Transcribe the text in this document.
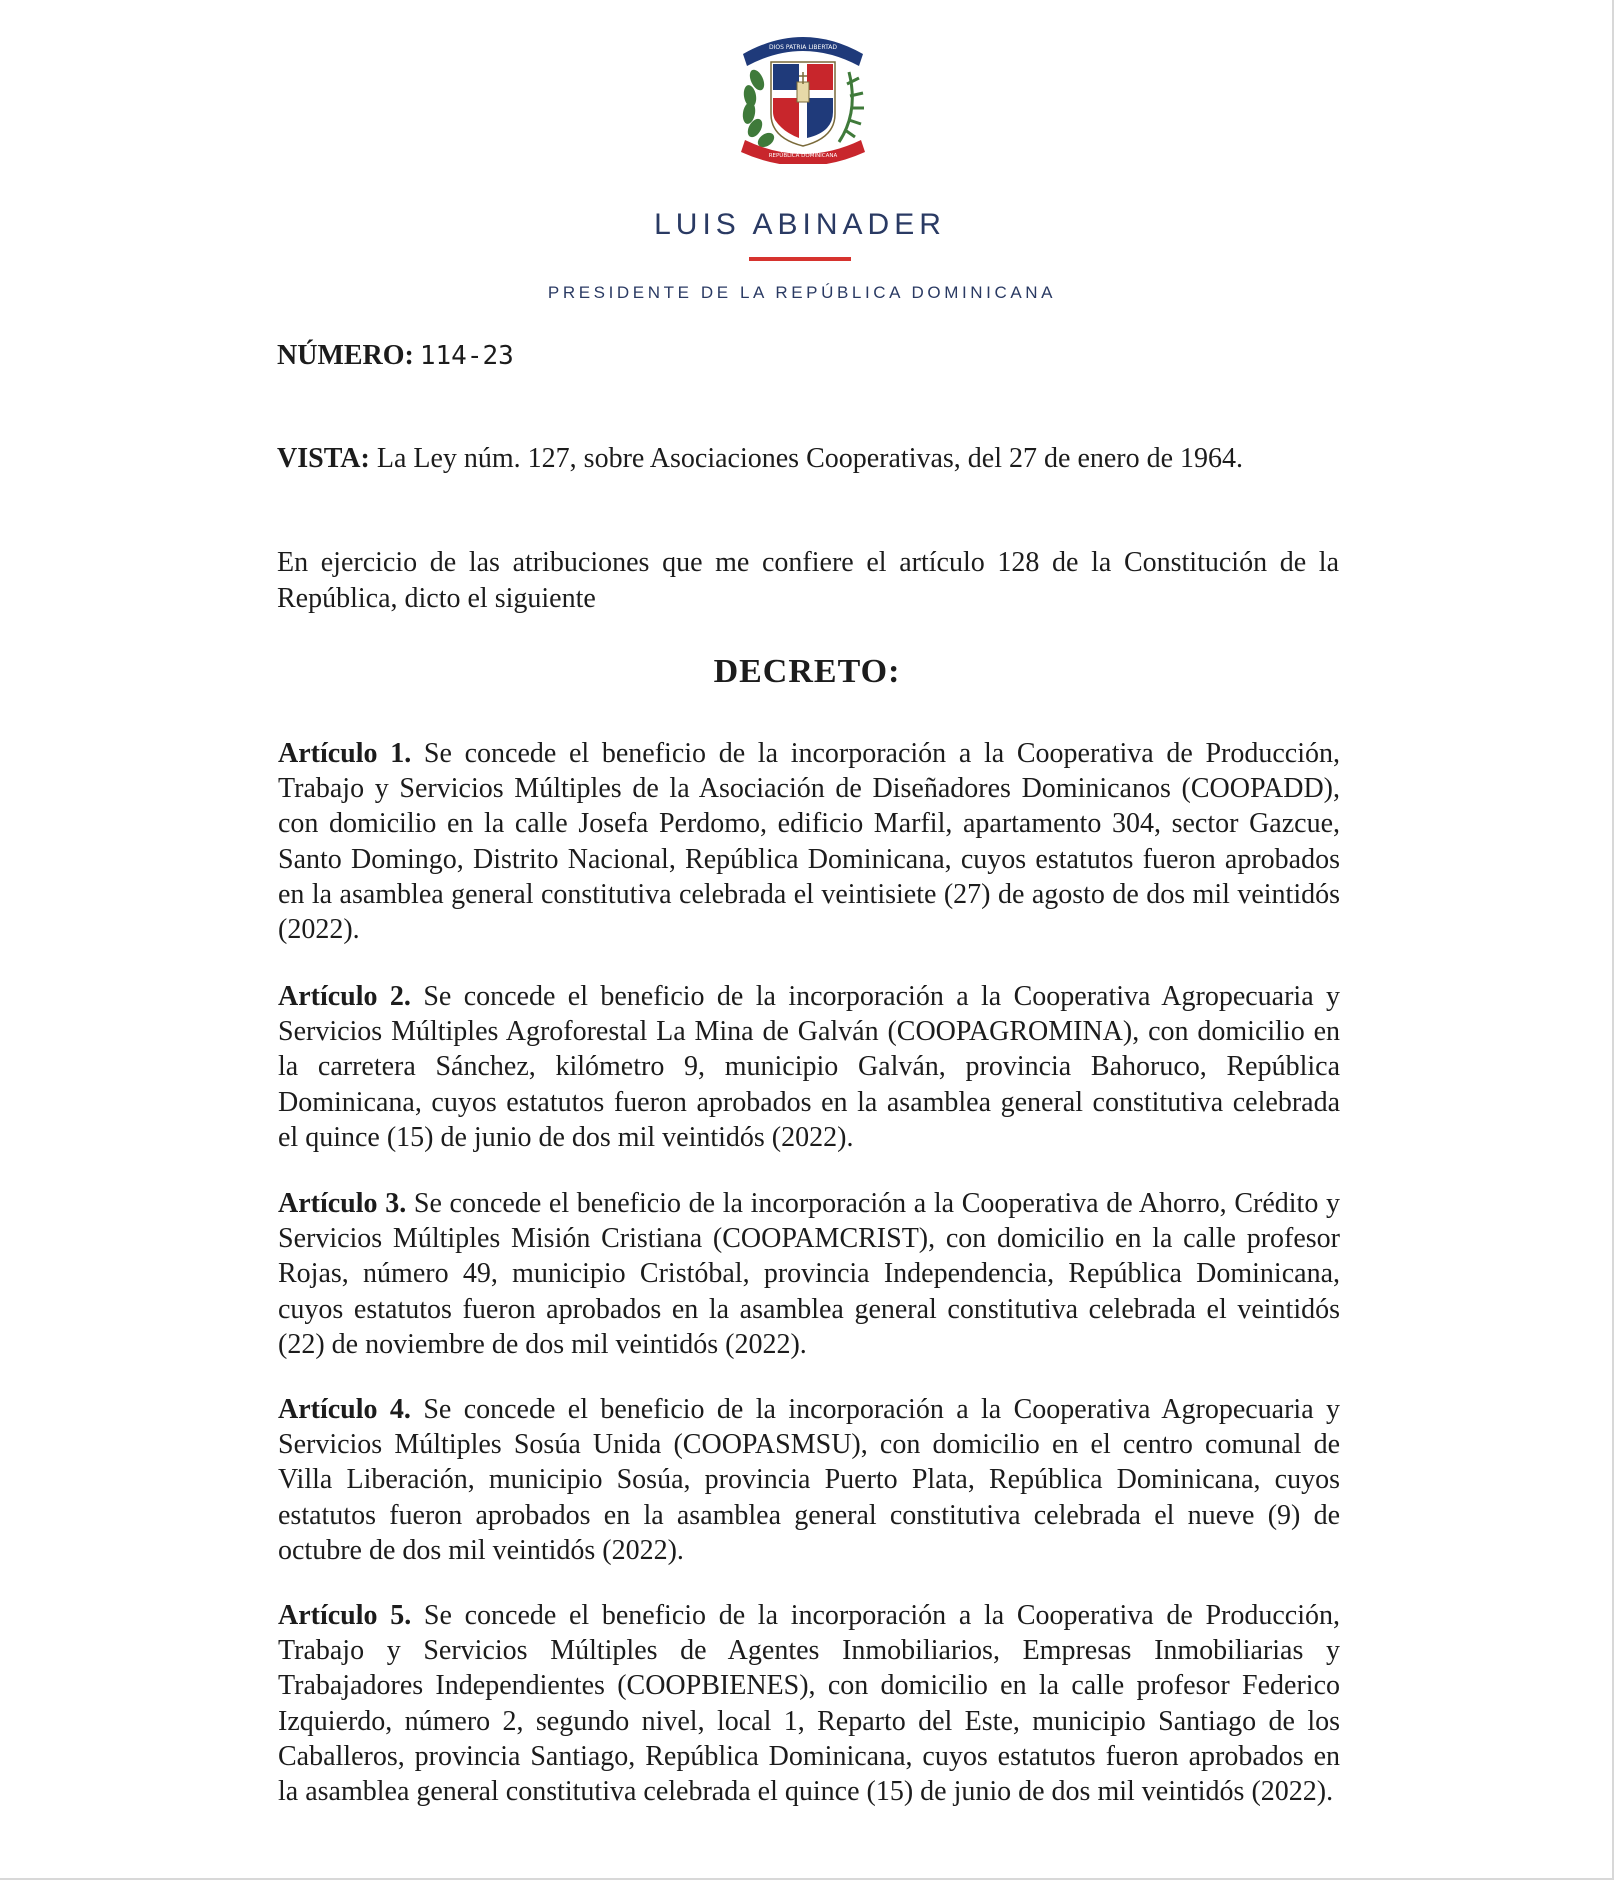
DIOS PATRIA LIBERTAD
REPÚBLICA DOMINICANA
LUIS ABINADER
PRESIDENTE DE LA REPÚBLICA DOMINICANA
NÚMERO: 114-23
VISTA: La Ley núm. 127, sobre Asociaciones Cooperativas, del 27 de enero de 1964.
En ejercicio de las atribuciones que me confiere el artículo 128 de la Constitución de la República, dicto el siguiente
DECRETO:
Artículo 1. Se concede el beneficio de la incorporación a la Cooperativa de Producción, Trabajo y Servicios Múltiples de la Asociación de Diseñadores Dominicanos (COOPADD), con domicilio en la calle Josefa Perdomo, edificio Marfil, apartamento 304, sector Gazcue, Santo Domingo, Distrito Nacional, República Dominicana, cuyos estatutos fueron aprobados en la asamblea general constitutiva celebrada el veintisiete (27) de agosto de dos mil veintidós (2022).
Artículo 2. Se concede el beneficio de la incorporación a la Cooperativa Agropecuaria y Servicios Múltiples Agroforestal La Mina de Galván (COOPAGROMINA), con domicilio en la carretera Sánchez, kilómetro 9, municipio Galván, provincia Bahoruco, República Dominicana, cuyos estatutos fueron aprobados en la asamblea general constitutiva celebrada el quince (15) de junio de dos mil veintidós (2022).
Artículo 3. Se concede el beneficio de la incorporación a la Cooperativa de Ahorro, Crédito y Servicios Múltiples Misión Cristiana (COOPAMCRIST), con domicilio en la calle profesor Rojas, número 49, municipio Cristóbal, provincia Independencia, República Dominicana, cuyos estatutos fueron aprobados en la asamblea general constitutiva celebrada el veintidós (22) de noviembre de dos mil veintidós (2022).
Artículo 4. Se concede el beneficio de la incorporación a la Cooperativa Agropecuaria y Servicios Múltiples Sosúa Unida (COOPASMSU), con domicilio en el centro comunal de Villa Liberación, municipio Sosúa, provincia Puerto Plata, República Dominicana, cuyos estatutos fueron aprobados en la asamblea general constitutiva celebrada el nueve (9) de octubre de dos mil veintidós (2022).
Artículo 5. Se concede el beneficio de la incorporación a la Cooperativa de Producción, Trabajo y Servicios Múltiples de Agentes Inmobiliarios, Empresas Inmobiliarias y Trabajadores Independientes (COOPBIENES), con domicilio en la calle profesor Federico Izquierdo, número 2, segundo nivel, local 1, Reparto del Este, municipio Santiago de los Caballeros, provincia Santiago, República Dominicana, cuyos estatutos fueron aprobados en la asamblea general constitutiva celebrada el quince (15) de junio de dos mil veintidós (2022).
